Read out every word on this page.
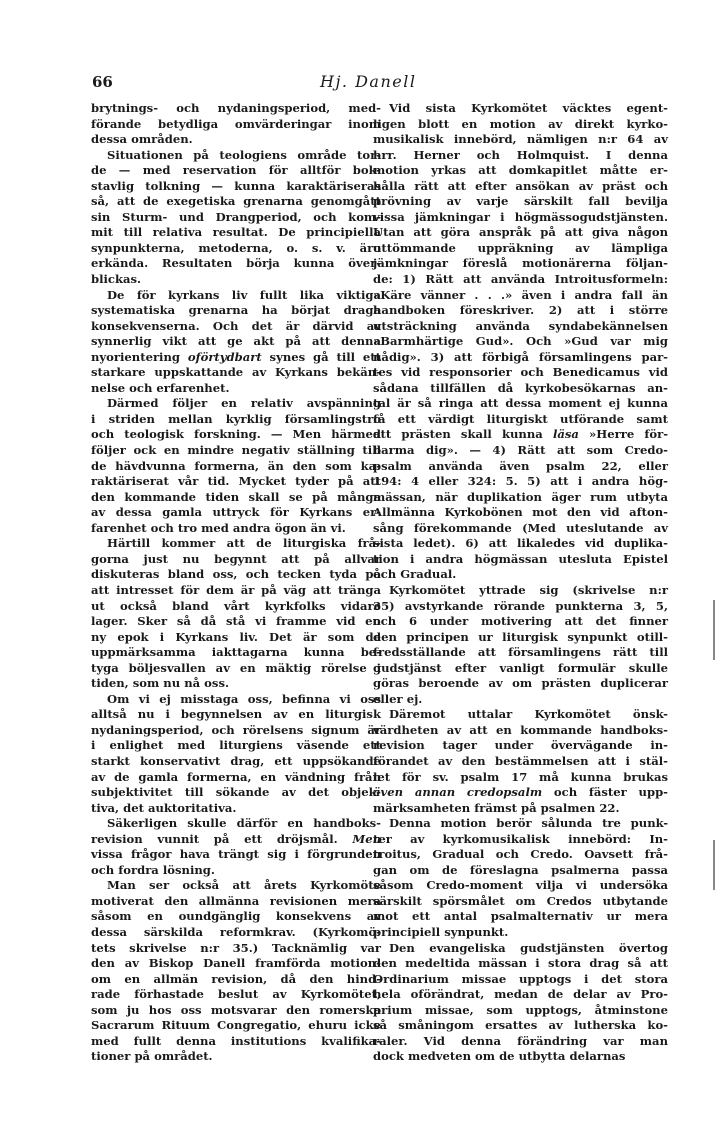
66	Hj. Danell
brytnings- och nydaningsperiod, med-
förande betydliga omvärderingar inom
dessa områden.
Situationen på teologiens område tor-
de — med reservation för alltför bok-
stavlig tolkning — kunna karaktäriseras
så, att de exegetiska grenarna genomgått
sin Sturm- und Drangperiod, och kom-
mit till relativa resultat. De principiella
synpunkterna, metoderna, o. s. v. äro
erkända. Resultaten börja kunna över-
blickas.
De för kyrkans liv fullt lika viktiga
systematiska grenarna ha börjat draga
konsekvenserna. Och det är därvid av
synnerlig vikt att ge akt på att denna
nyorientering oförtydbart synes gå till ett
starkare uppskattande av Kyrkans bekän-
nelse och erfarenhet.
Därmed följer en relativ avspänning
i striden mellan kyrklig församlingstro
och teologisk forskning. — Men härmed
följer ock en mindre negativ ställning till
de hävdvunna formerna, än den som ka-
raktäriserat vår tid. Mycket tyder på att
den kommande tiden skall se på många
av dessa gamla uttryck för Kyrkans er-
farenhet och tro med andra ögon än vi.
Härtill kommer att de liturgiska frå-
gorna just nu begynnt att på allvar
diskuteras bland oss, och tecken tyda på
att intresset för dem är på väg att tränga
ut också bland vårt kyrkfolks vidare
lager. Sker så då stå vi framme vid en
ny epok i Kyrkans liv. Det är som de
uppmärksamma iakttagarna kunna be-
tyga böljesvallen av en mäktig rörelse i
tiden, som nu nå oss.
Om vi ej misstaga oss, befinna vi oss
alltså nu i begynnelsen av en liturgisk
nydaningsperiod, och rörelsens signum är
i enlighet med liturgiens väsende ett
starkt konservativt drag, ett uppsökande
av de gamla formerna, en vändning från
subjektivitet till sökande av det objek-
tiva, det auktoritativa.
Säkerligen skulle därför en handboks-
revision vunnit på ett dröjsmål. Men
vissa frågor hava trängt sig i förgrunden
och fordra lösning.
Man ser också att årets Kyrkomöte
motiverat den allmänna revisionen mera
såsom en oundgänglig konsekvens av
dessa särskilda reformkrav. (Kyrkomö-
tets skrivelse n:r 35.) Tacknämlig var
den av Biskop Danell framförda motion-
om en allmän revision, då den hind-
rade förhastade beslut av Kyrkomötet,
som ju hos oss motsvarar den romerska
Sacrarum Rituum Congregatio, ehuru icke
med fullt denna institutions kvalifika-
tioner på området.
Vid sista Kyrkomötet väcktes egent-
ligen blott en motion av direkt kyrko-
musikalisk innebörd, nämligen n:r 64 av
hrr. Herner och Holmquist. I denna
motion yrkas att domkapitlet måtte er-
hålla rätt att efter ansökan av präst och
prövning av varje särskilt fall bevilja
vissa jämkningar i högmässogudstjänsten.
Utan att göra anspråk på att giva någon
uttömmande uppräkning av lämpliga
jämkningar föreslå motionärerna följan-
de: 1) Rätt att använda Introitusformeln:
»Käre vänner . . .» även i andra fall än
handboken föreskriver. 2) att i större
utsträckning använda syndabekännelsen
»Barmhärtige Gud». Och »Gud var mig
nådig». 3) att förbigå församlingens par-
tes vid responsorier och Benedicamus vid
sådana tillfällen då kyrkobesökarnas an-
tal är så ringa att dessa moment ej kunna
få ett värdigt liturgiskt utförande samt
att prästen skall kunna läsa »Herre för-
barma dig». — 4) Rätt att som Credo-
psalm använda även psalm 22, eller
194: 4 eller 324: 5. 5) att i andra hög-
mässan, när duplikation äger rum utbyta
Allmänna Kyrkobönen mot den vid afton-
sång förekommande (Med uteslutande av
sista ledet). 6) att likaledes vid duplika-
tion i andra högmässan utesluta Epistel
och Gradual.
Kyrkomötet yttrade sig (skrivelse n:r
35) avstyrkande rörande punkterna 3, 5,
och 6 under motivering att det finner
den principen ur liturgisk synpunkt otill-
fredsställande att församlingens rätt till
gudstjänst efter vanligt formulär skulle
göras beroende av om prästen duplicerar
eller ej.
Däremot uttalar Kyrkomötet önsk-
värdheten av att en kommande handboks-
revision tager under övervägande in-
förandet av den bestämmelsen att i stäl-
let för sv. psalm 17 må kunna brukas
även annan credopsalm och fäster upp-
märksamheten främst på psalmen 22.
Denna motion berör sålunda tre punk-
ter av kyrkomusikalisk innebörd: In-
troitus, Gradual och Credo. Oavsett frå-
gan om de föreslagna psalmerna passa
såsom Credo-moment vilja vi undersöka
särskilt spörsmålet om Credos utbytande
mot ett antal psalmalternativ ur mera
principiell synpunkt.
Den evangeliska gudstjänsten övertog
den medeltida mässan i stora drag så att
Ordinarium missae upptogs i det stora
hela oförändrat, medan de delar av Pro-
prium missae, som upptogs, åtminstone
så småningom ersattes av lutherska ko-
raler. Vid denna förändring var man
dock medveten om de utbytta delarnas
